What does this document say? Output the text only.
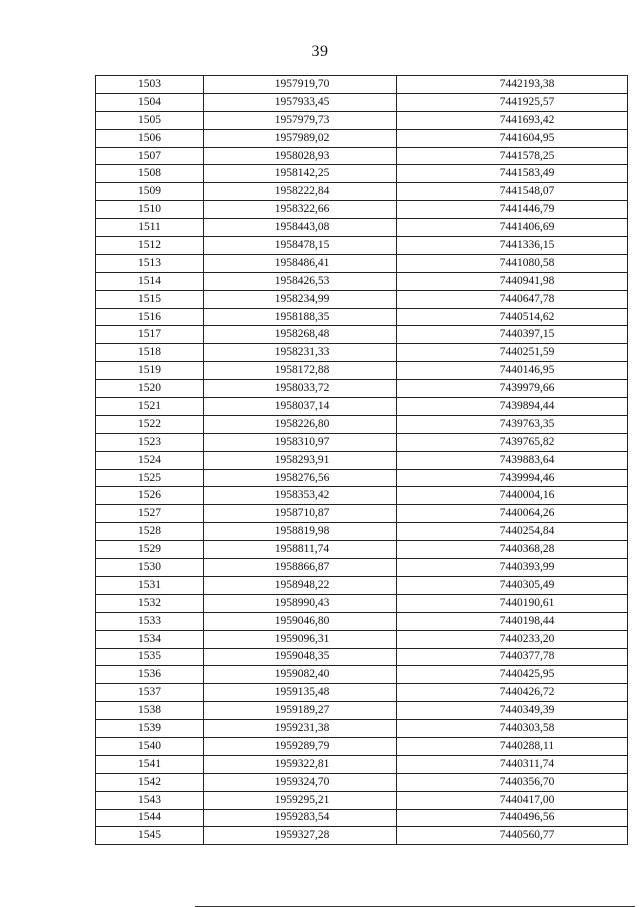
39
1503	1957919,70	7442193,38
1504	1957933,45	7441925,57
1505	1957979,73	7441693,42
1506	1957989,02	7441604,95
1507	1958028,93	7441578,25
1508	1958142,25	7441583,49
1509	1958222,84	7441548,07
1510	1958322,66	7441446,79
1511	1958443,08	7441406,69
1512	1958478,15	7441336,15
1513	1958486,41	7441080,58
1514	1958426,53	7440941,98
1515	1958234,99	7440647,78
1516	1958188,35	7440514,62
1517	1958268,48	7440397,15
1518	1958231,33	7440251,59
1519	1958172,88	7440146,95
1520	1958033,72	7439979,66
1521	1958037,14	7439894,44
1522	1958226,80	7439763,35
1523	1958310,97	7439765,82
1524	1958293,91	7439883,64
1525	1958276,56	7439994,46
1526	1958353,42	7440004,16
1527	1958710,87	7440064,26
1528	1958819,98	7440254,84
1529	1958811,74	7440368,28
1530	1958866,87	7440393,99
1531	1958948,22	7440305,49
1532	1958990,43	7440190,61
1533	1959046,80	7440198,44
1534	1959096,31	7440233,20
1535	1959048,35	7440377,78
1536	1959082,40	7440425,95
1537	1959135,48	7440426,72
1538	1959189,27	7440349,39
1539	1959231,38	7440303,58
1540	1959289,79	7440288,11
1541	1959322,81	7440311,74
1542	1959324,70	7440356,70
1543	1959295,21	7440417,00
1544	1959283,54	7440496,56
1545	1959327,28	7440560,77
